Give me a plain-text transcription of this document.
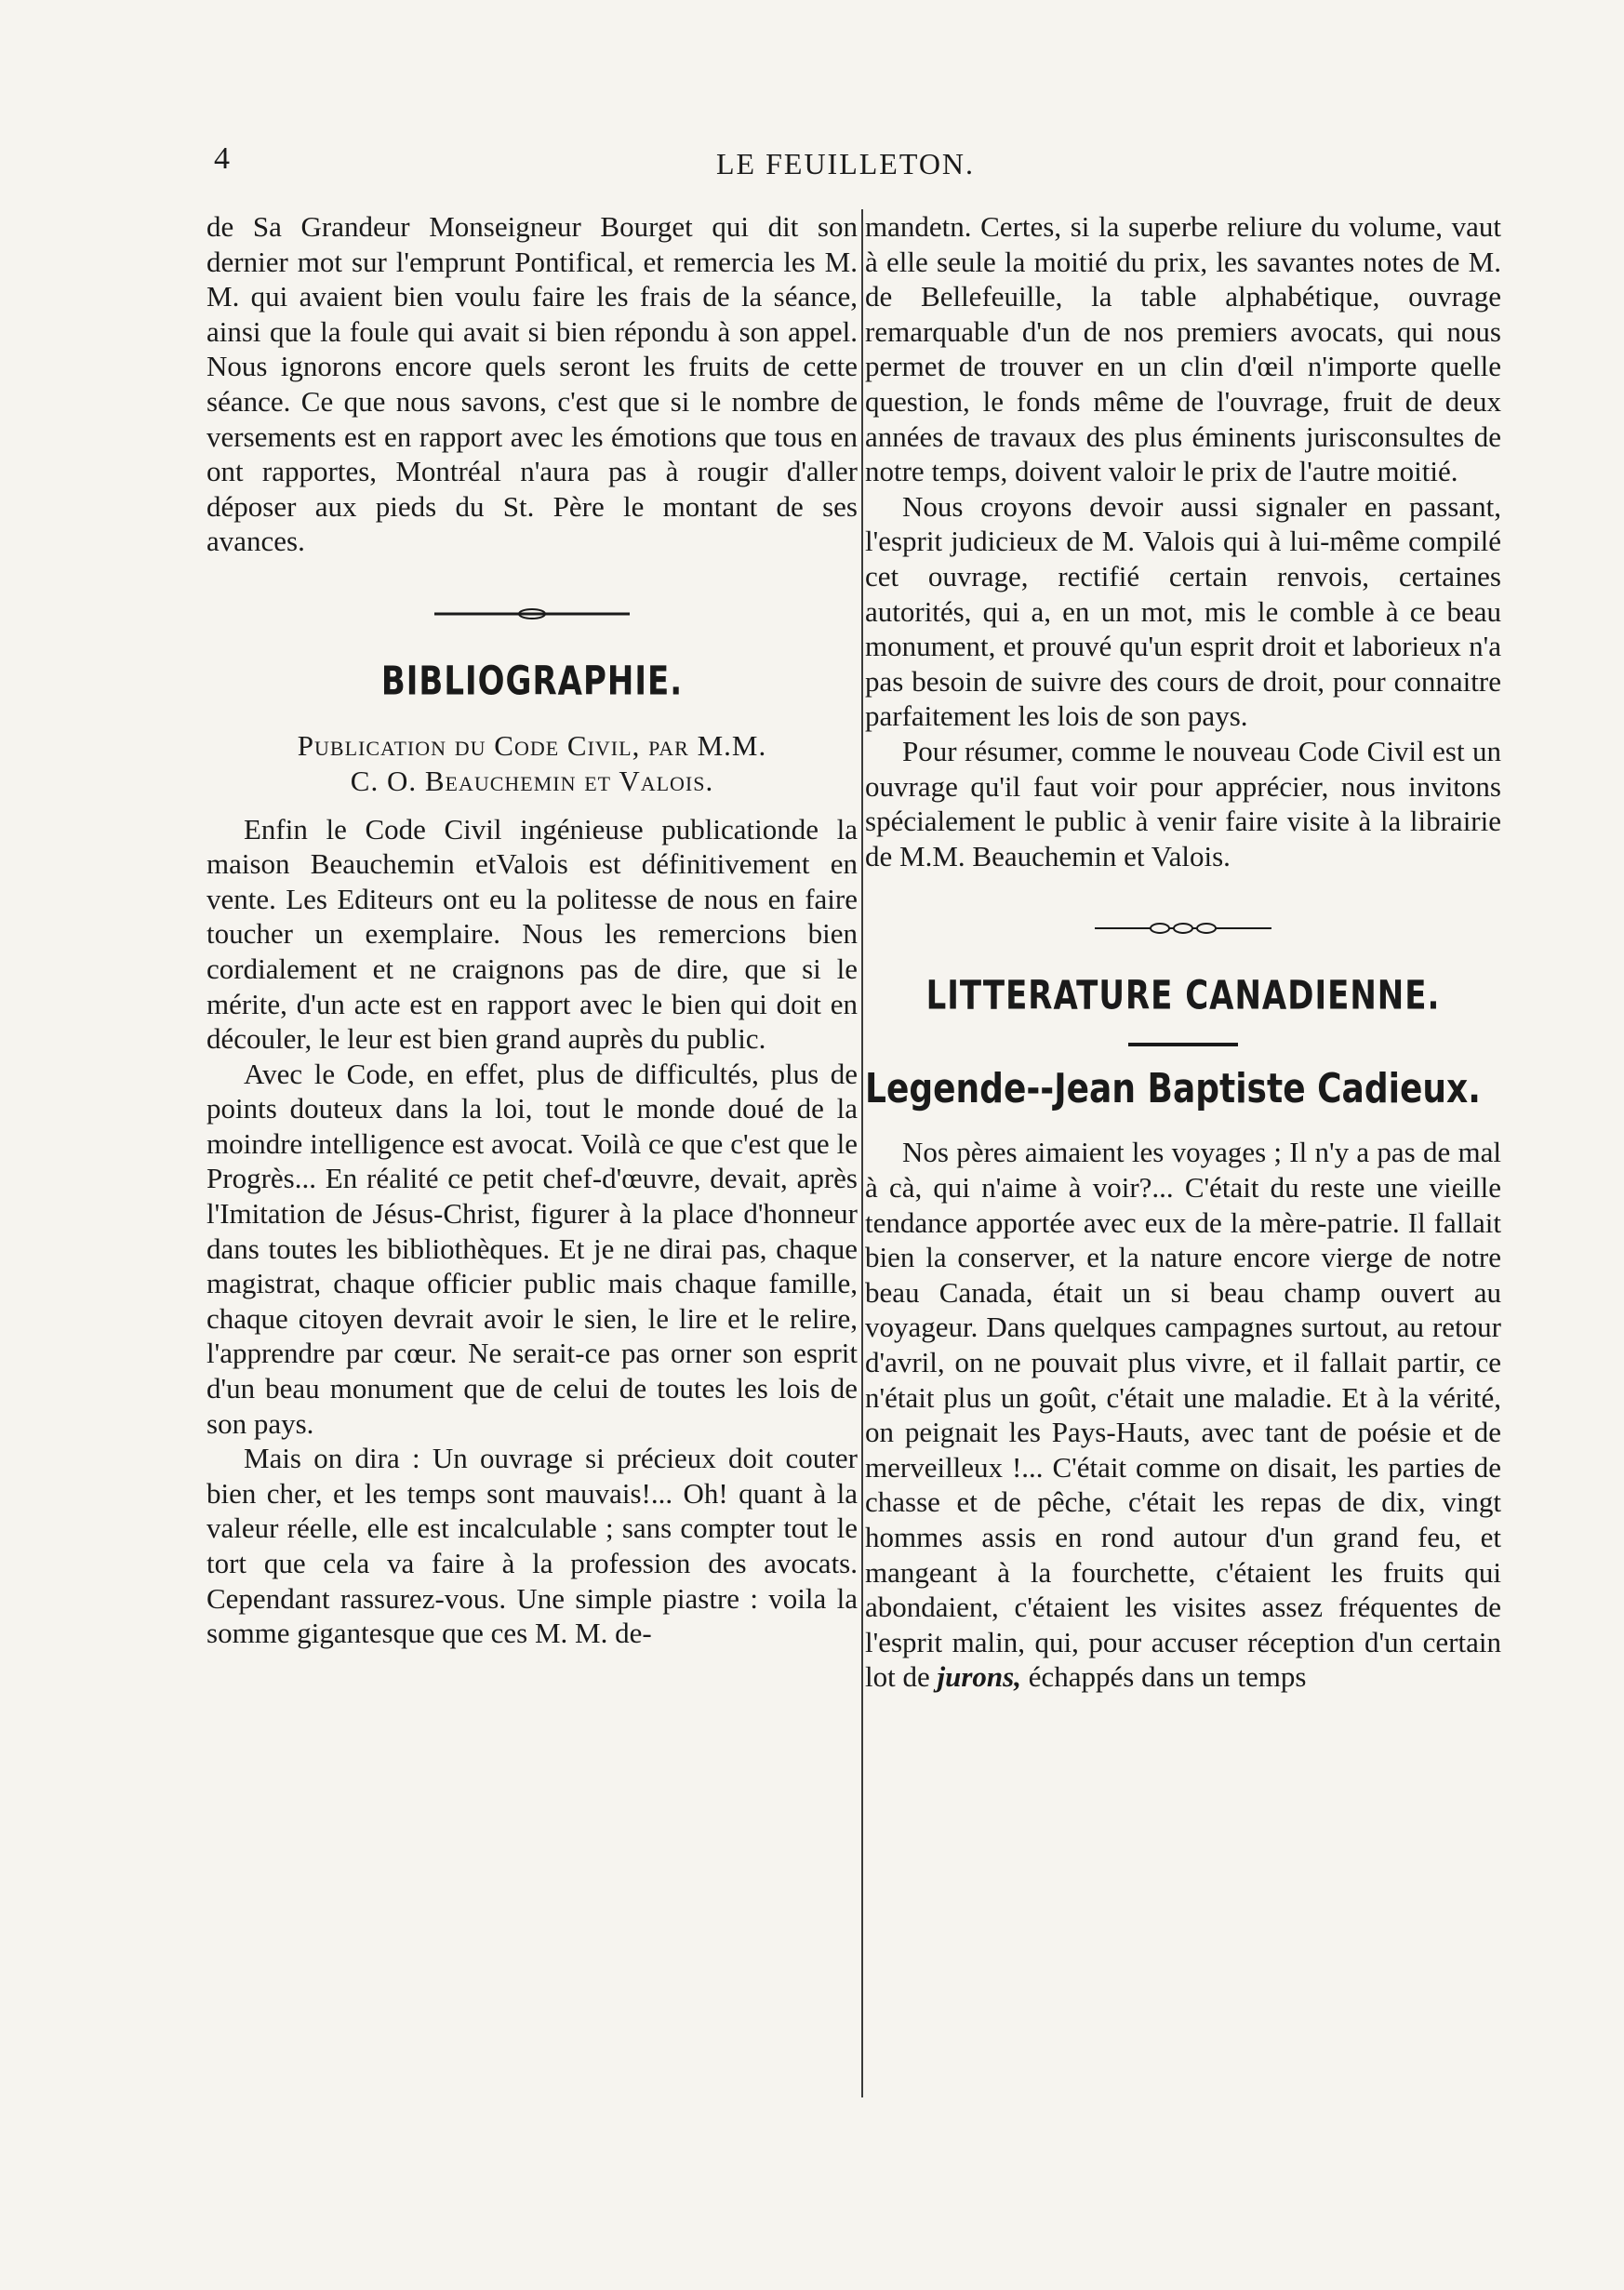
4	LE FEUILLETON.

de Sa Grandeur Monseigneur Bourget qui dit son dernier mot sur l'emprunt Pontifical, et remercia les M. M. qui avaient bien voulu faire les frais de la séance, ainsi que la foule qui avait si bien répondu à son appel. Nous ignorons encore quels seront les fruits de cette séance. Ce que nous savons, c'est que si le nombre de versements est en rapport avec les émotions que tous en ont rapportes, Montréal n'aura pas à rougir d'aller déposer aux pieds du St. Père le montant de ses avances.

BIBLIOGRAPHIE.
Publication du Code Civil, par M.M.
C. O. Beauchemin et Valois.

Enfin le Code Civil ingénieuse publicationde la maison Beauchemin etValois est définitivement en vente. Les Editeurs ont eu la politesse de nous en faire toucher un exemplaire. Nous les remercions bien cordialement et ne craignons pas de dire, que si le mérite, d'un acte est en rapport avec le bien qui doit en découler, le leur est bien grand auprès du public.

Avec le Code, en effet, plus de difficultés, plus de points douteux dans la loi, tout le monde doué de la moindre intelligence est avocat. Voilà ce que c'est que le Progrès... En réalité ce petit chef-d'œuvre, devait, après l'Imitation de Jésus-Christ, figurer à la place d'honneur dans toutes les bibliothèques. Et je ne dirai pas, chaque magistrat, chaque officier public mais chaque famille, chaque citoyen devrait avoir le sien, le lire et le relire, l'apprendre par cœur. Ne serait-ce pas orner son esprit d'un beau monument que de celui de toutes les lois de son pays.

Mais on dira : Un ouvrage si précieux doit couter bien cher, et les temps sont mauvais!... Oh! quant à la valeur réelle, elle est incalculable ; sans compter tout le tort que cela va faire à la profession des avocats. Cependant rassurez-vous. Une simple piastre : voila la somme gigantesque que ces M. M. de-

mandetn. Certes, si la superbe reliure du volume, vaut à elle seule la moitié du prix, les savantes notes de M. de Bellefeuille, la table alphabétique, ouvrage remarquable d'un de nos premiers avocats, qui nous permet de trouver en un clin d'œil n'importe quelle question, le fonds même de l'ouvrage, fruit de deux années de travaux des plus éminents jurisconsultes de notre temps, doivent valoir le prix de l'autre moitié.

Nous croyons devoir aussi signaler en passant, l'esprit judicieux de M. Valois qui à lui-même compilé cet ouvrage, rectifié certain renvois, certaines autorités, qui a, en un mot, mis le comble à ce beau monument, et prouvé qu'un esprit droit et laborieux n'a pas besoin de suivre des cours de droit, pour connaitre parfaitement les lois de son pays.

Pour résumer, comme le nouveau Code Civil est un ouvrage qu'il faut voir pour apprécier, nous invitons spécialement le public à venir faire visite à la librairie de M.M. Beauchemin et Valois.

LITTERATURE CANADIENNE.
Legende--Jean Baptiste Cadieux.

Nos pères aimaient les voyages ; Il n'y a pas de mal à cà, qui n'aime à voir?... C'était du reste une vieille tendance apportée avec eux de la mère-patrie. Il fallait bien la conserver, et la nature encore vierge de notre beau Canada, était un si beau champ ouvert au voyageur. Dans quelques campagnes surtout, au retour d'avril, on ne pouvait plus vivre, et il fallait partir, ce n'était plus un goût, c'était une maladie. Et à la vérité, on peignait les Pays-Hauts, avec tant de poésie et de merveilleux !... C'était comme on disait, les parties de chasse et de pêche, c'était les repas de dix, vingt hommes assis en rond autour d'un grand feu, et mangeant à la fourchette, c'étaient les fruits qui abondaient, c'étaient les visites assez fréquentes de l'esprit malin, qui, pour accuser réception d'un certain lot de jurons, échappés dans un temps
